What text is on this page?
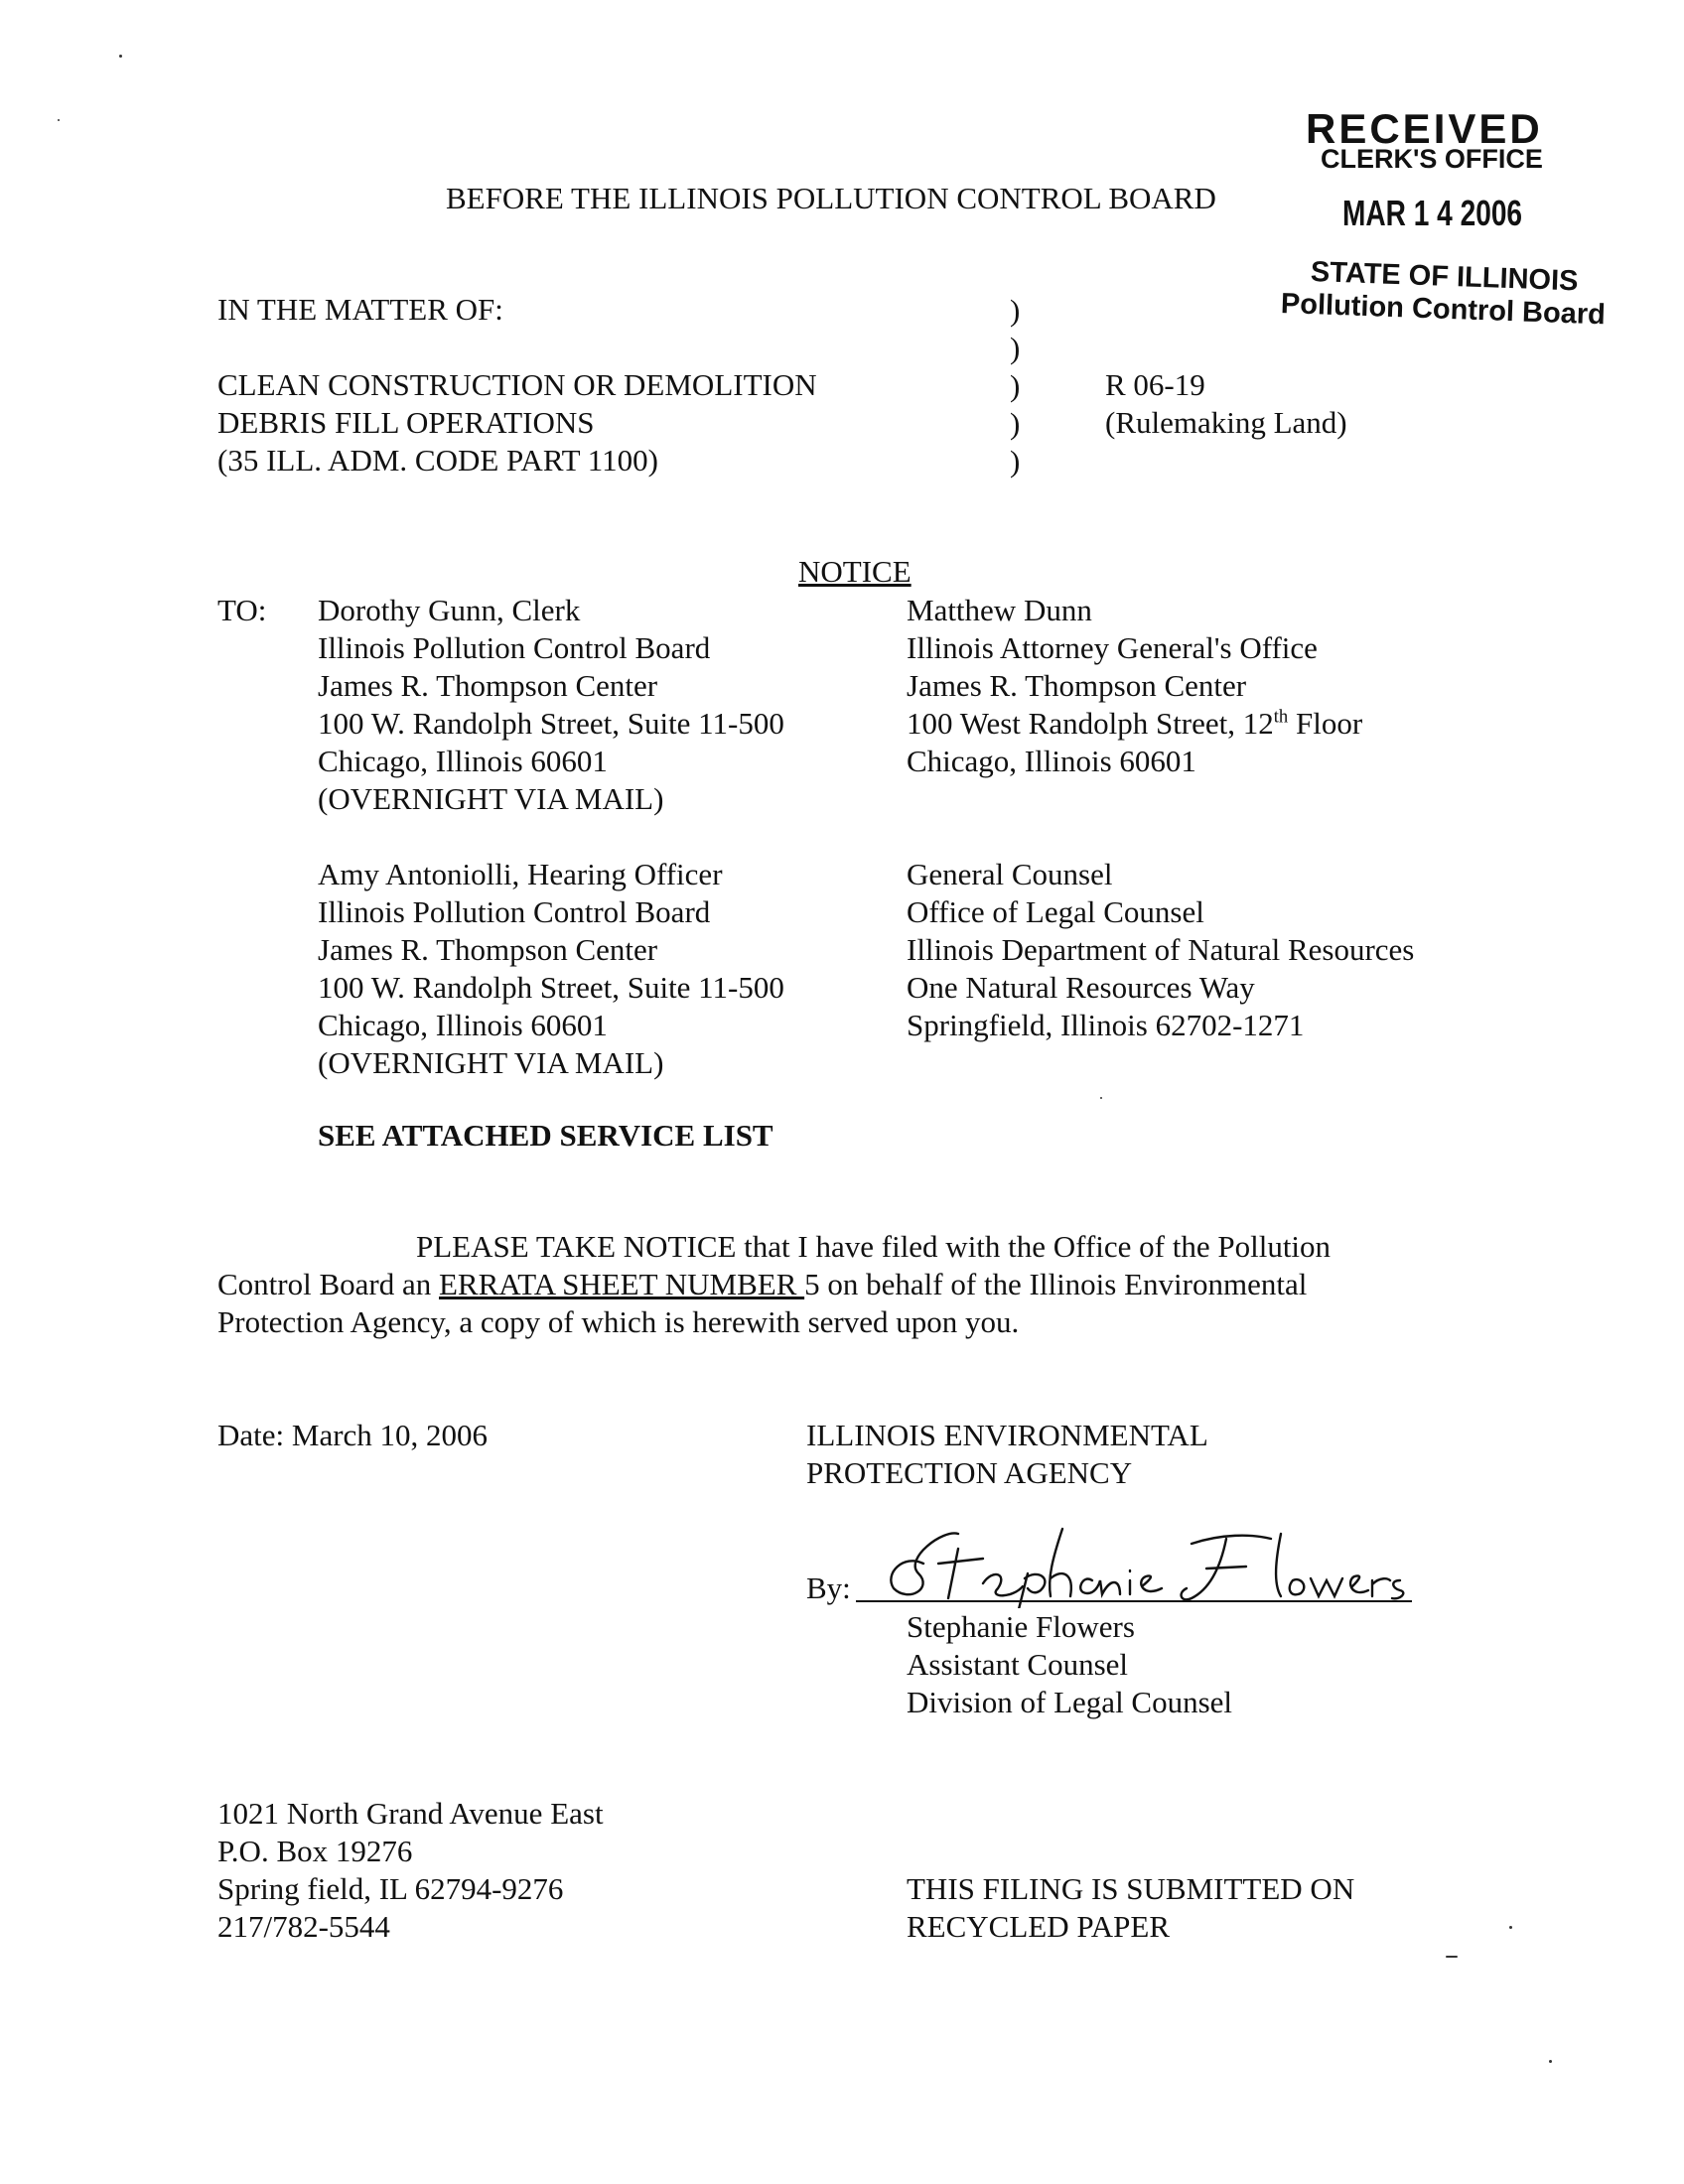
RECEIVED
CLERK'S OFFICE
MAR 1 4 2006
STATE OF ILLINOIS
Pollution Control Board
BEFORE THE ILLINOIS POLLUTION CONTROL BOARD
IN THE MATTER OF:
CLEAN CONSTRUCTION OR DEMOLITION
DEBRIS FILL OPERATIONS
(35 ILL. ADM. CODE PART 1100)
)
)
)
)
)
R 06-19
(Rulemaking Land)
NOTICE
TO: Dorothy Gunn, Clerk
Illinois Pollution Control Board
James R. Thompson Center
100 W. Randolph Street, Suite 11-500
Chicago, Illinois 60601
(OVERNIGHT VIA MAIL)
Amy Antoniolli, Hearing Officer
Illinois Pollution Control Board
James R. Thompson Center
100 W. Randolph Street, Suite 11-500
Chicago, Illinois 60601
(OVERNIGHT VIA MAIL)
Matthew Dunn
Illinois Attorney General's Office
James R. Thompson Center
100 West Randolph Street, 12th Floor
Chicago, Illinois 60601
General Counsel
Office of Legal Counsel
Illinois Department of Natural Resources
One Natural Resources Way
Springfield, Illinois 62702-1271
SEE ATTACHED SERVICE LIST
PLEASE TAKE NOTICE that I have filed with the Office of the Pollution
Control Board an ERRATA SHEET NUMBER 5 on behalf of the Illinois Environmental
Protection Agency, a copy of which is herewith served upon you.
Date: March 10, 2006	ILLINOIS ENVIRONMENTAL
PROTECTION AGENCY
By:
Stephanie Flowers
Assistant Counsel
Division of Legal Counsel
1021 North Grand Avenue East
P.O. Box 19276
Spring field, IL 62794-9276
217/782-5544
THIS FILING IS SUBMITTED ON
RECYCLED PAPER
